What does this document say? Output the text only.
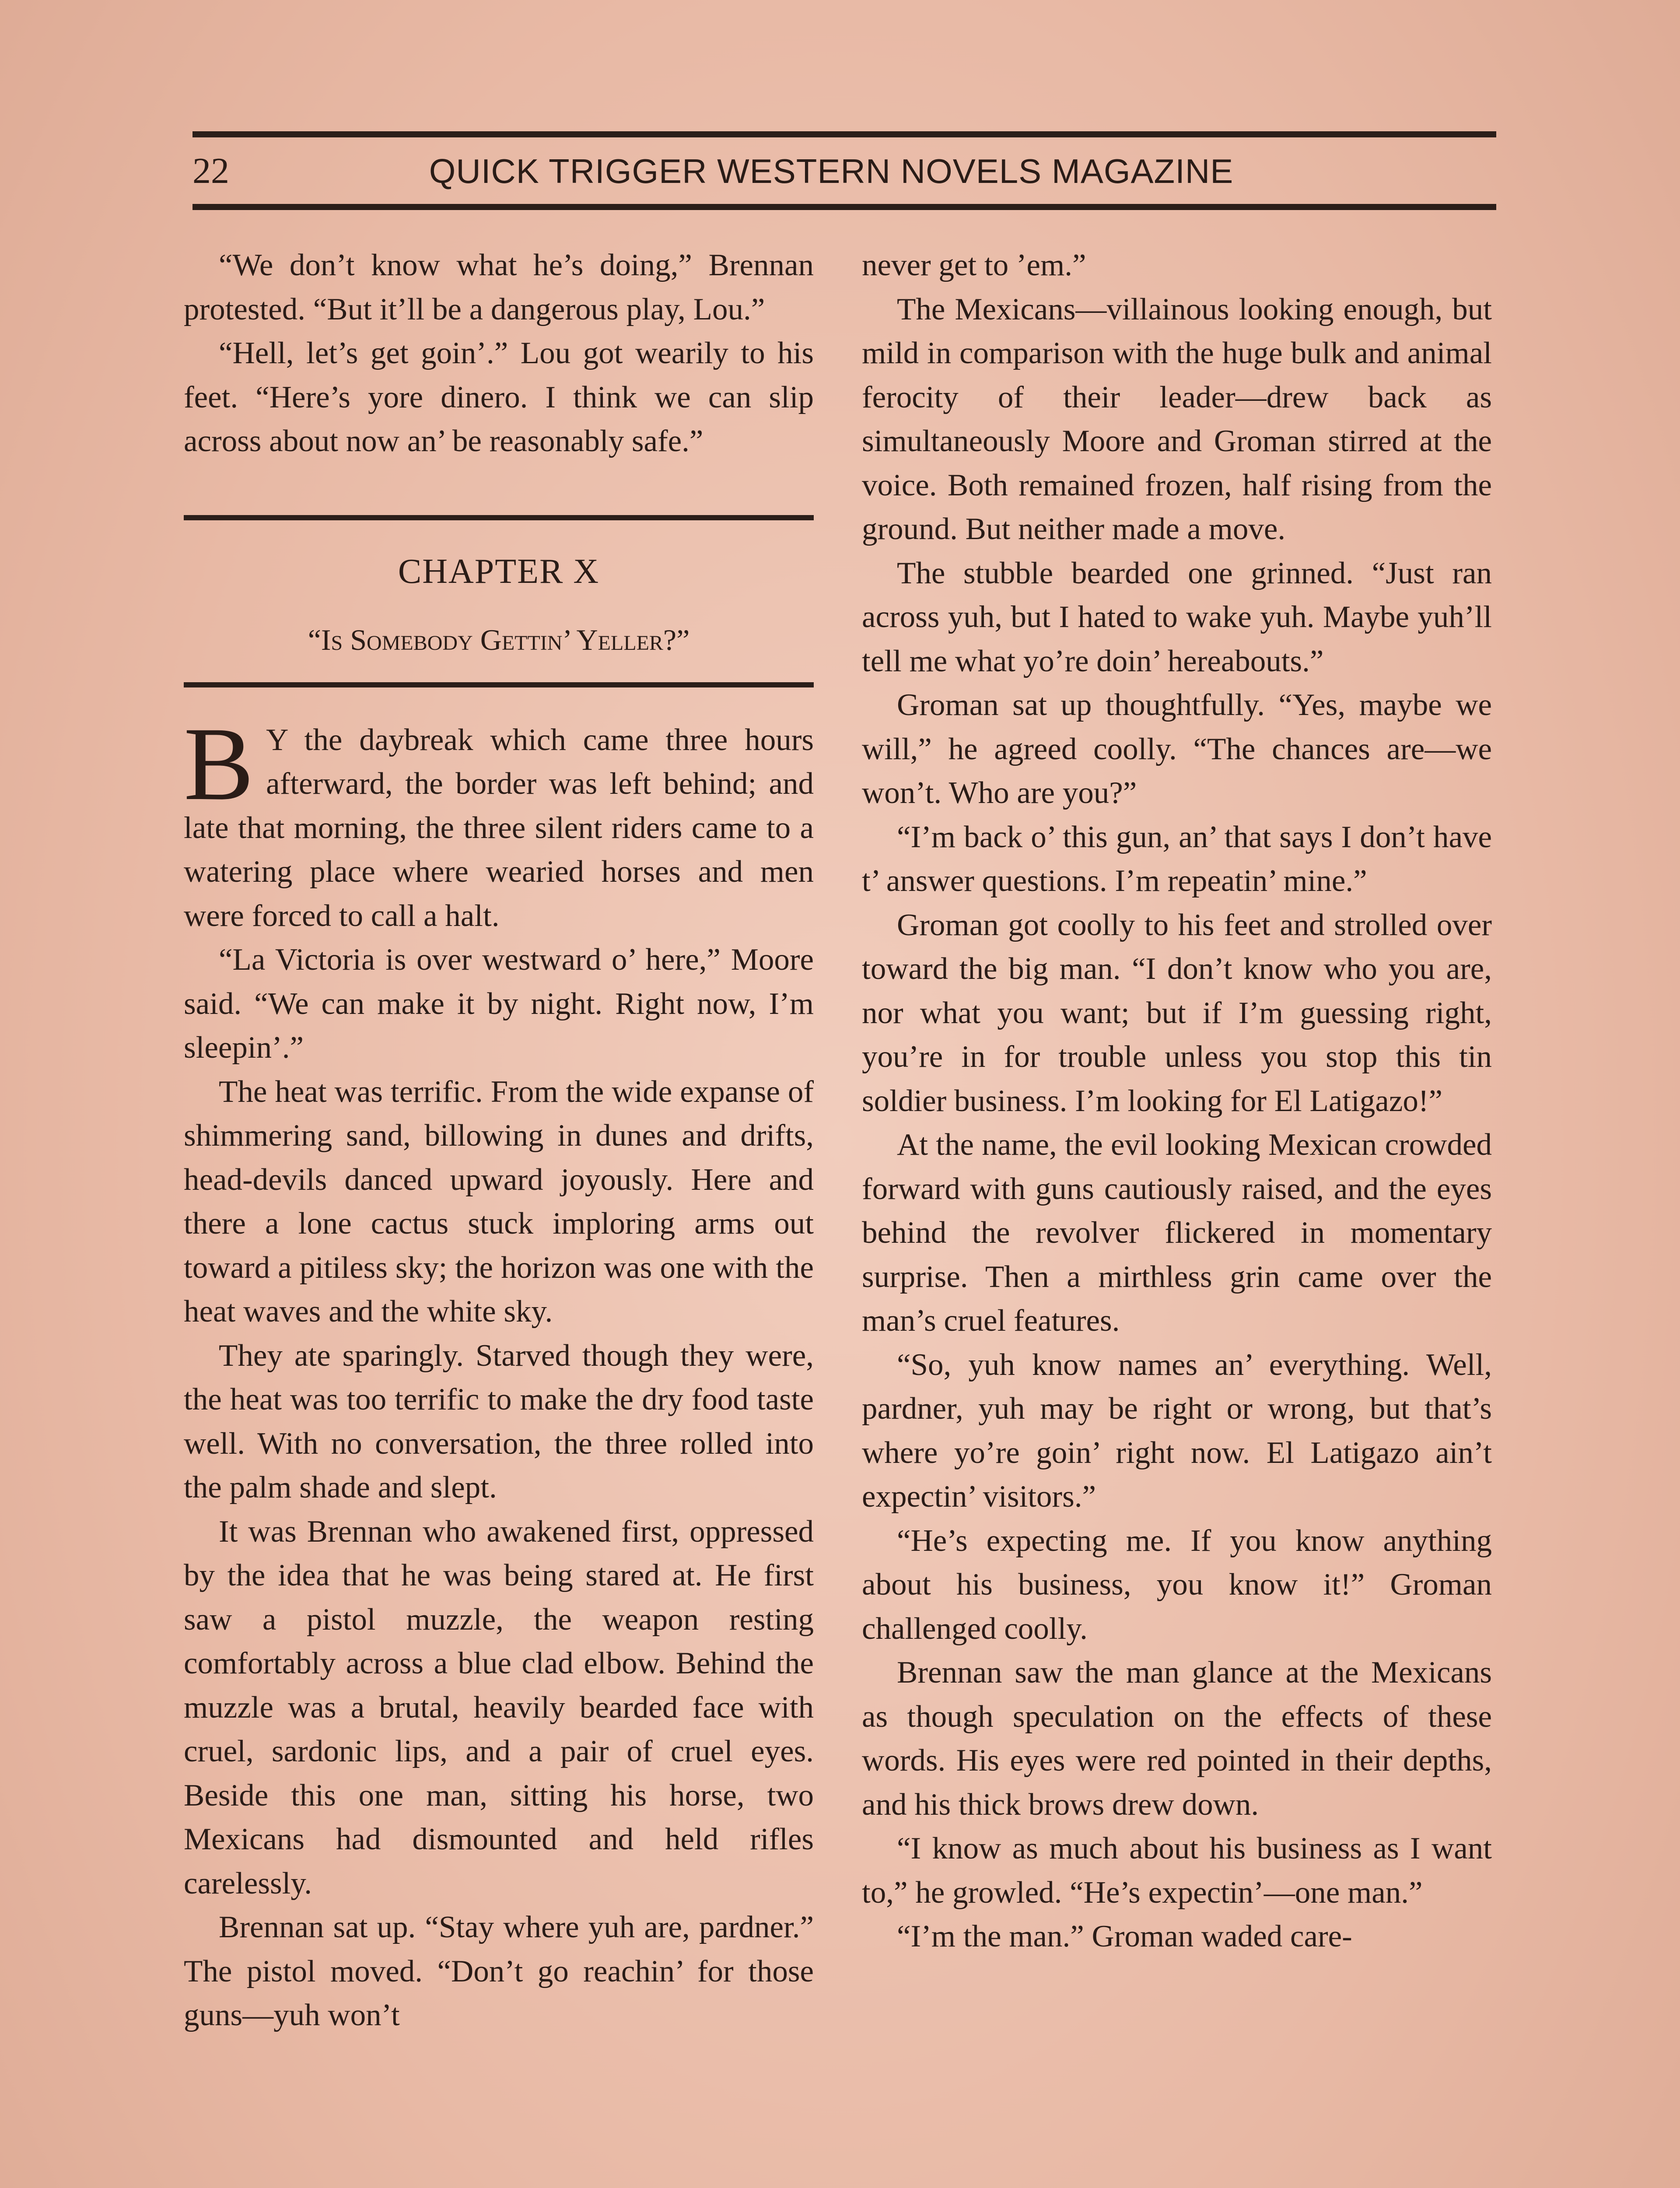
22	QUICK TRIGGER WESTERN NOVELS MAGAZINE

“We don’t know what he’s doing,” Brennan protested. “But it’ll be a dangerous play, Lou.”

“Hell, let’s get goin’.” Lou got wearily to his feet. “Here’s yore dinero. I think we can slip across about now an’ be reasonably safe.”

CHAPTER X

“Is Somebody Gettin’ Yeller?”

B Y the daybreak which came three hours afterward, the border was left behind; and late that morning, the three silent riders came to a watering place where wearied horses and men were forced to call a halt.

“La Victoria is over westward o’ here,” Moore said. “We can make it by night. Right now, I’m sleepin’.”

The heat was terrific. From the wide expanse of shimmering sand, billowing in dunes and drifts, head-devils danced upward joyously. Here and there a lone cactus stuck imploring arms out toward a pitiless sky; the horizon was one with the heat waves and the white sky.

They ate sparingly. Starved though they were, the heat was too terrific to make the dry food taste well. With no conversation, the three rolled into the palm shade and slept.

It was Brennan who awakened first, oppressed by the idea that he was being stared at. He first saw a pistol muzzle, the weapon resting comfortably across a blue clad elbow. Behind the muzzle was a brutal, heavily bearded face with cruel, sardonic lips, and a pair of cruel eyes. Beside this one man, sitting his horse, two Mexicans had dismounted and held rifles carelessly.

Brennan sat up. “Stay where yuh are, pardner.” The pistol moved. “Don’t go reachin’ for those guns—yuh won’t

never get to ’em.”

The Mexicans—villainous looking enough, but mild in comparison with the huge bulk and animal ferocity of their leader—drew back as simultaneously Moore and Groman stirred at the voice. Both remained frozen, half rising from the ground. But neither made a move.

The stubble bearded one grinned. “Just ran across yuh, but I hated to wake yuh. Maybe yuh’ll tell me what yo’re doin’ hereabouts.”

Groman sat up thoughtfully. “Yes, maybe we will,” he agreed coolly. “The chances are—we won’t. Who are you?”

“I’m back o’ this gun, an’ that says I don’t have t’ answer questions. I’m repeatin’ mine.”

Groman got coolly to his feet and strolled over toward the big man. “I don’t know who you are, nor what you want; but if I’m guessing right, you’re in for trouble unless you stop this tin soldier business. I’m looking for El Latigazo!”

At the name, the evil looking Mexican crowded forward with guns cautiously raised, and the eyes behind the revolver flickered in momentary surprise. Then a mirthless grin came over the man’s cruel features.

“So, yuh know names an’ everything. Well, pardner, yuh may be right or wrong, but that’s where yo’re goin’ right now. El Latigazo ain’t expectin’ visitors.”

“He’s expecting me. If you know anything about his business, you know it!” Groman challenged coolly.

Brennan saw the man glance at the Mexicans as though speculation on the effects of these words. His eyes were red pointed in their depths, and his thick brows drew down.

“I know as much about his business as I want to,” he growled. “He’s expectin’—one man.”

“I’m the man.” Groman waded care-
